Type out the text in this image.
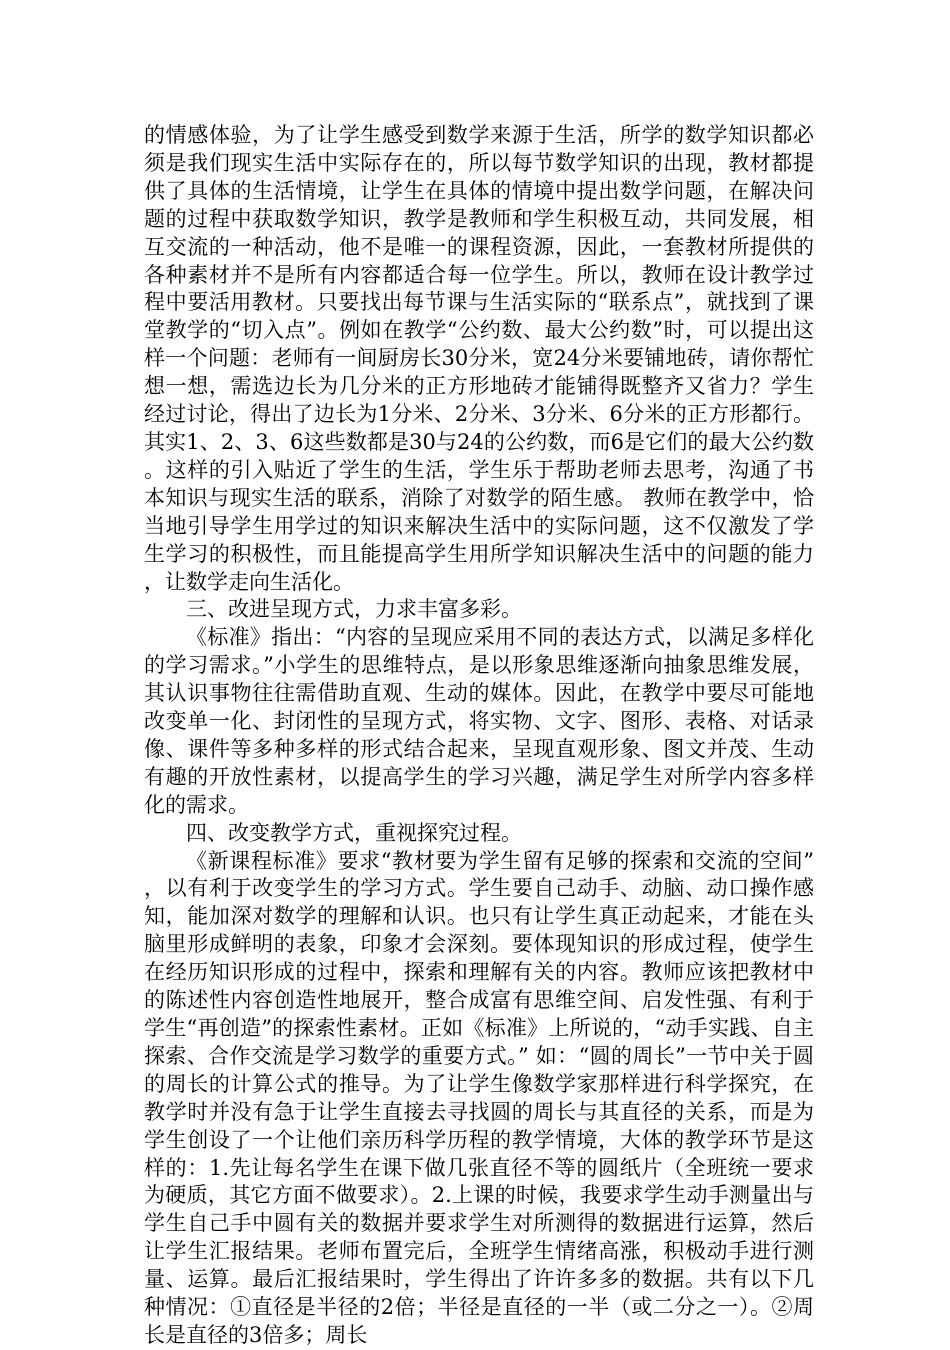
的情感体验，为了让学生感受到数学来源于生活，所学的数学知识都必须是我们现实生活中实际存在的，所以每节数学知识的出现，教材都提供了具体的生活情境，让学生在具体的情境中提出数学问题，在解决问题的过程中获取数学知识，教学是教师和学生积极互动，共同发展，相互交流的一种活动，他不是唯一的课程资源，因此，一套教材所提供的各种素材并不是所有内容都适合每一位学生。所以，教师在设计教学过程中要活用教材。只要找出每节课与生活实际的“联系点”，就找到了课堂教学的“切入点”。例如在教学“公约数、最大公约数”时，可以提出这样一个问题：老师有一间厨房长30分米，宽24分米要铺地砖，请你帮忙想一想，需选边长为几分米的正方形地砖才能铺得既整齐又省力？学生经过讨论，得出了边长为1分米、2分米、3分米、6分米的正方形都行。其实1、2、3、6这些数都是30与24的公约数，而6是它们的最大公约数。这样的引入贴近了学生的生活，学生乐于帮助老师去思考，沟通了书本知识与现实生活的联系，消除了对数学的陌生感。 教师在教学中，恰当地引导学生用学过的知识来解决生活中的实际问题，这不仅激发了学生学习的积极性，而且能提高学生用所学知识解决生活中的问题的能力，让数学走向生活化。

三、改进呈现方式，力求丰富多彩。

《标准》指出：“内容的呈现应采用不同的表达方式，以满足多样化的学习需求。”小学生的思维特点，是以形象思维逐渐向抽象思维发展，其认识事物往往需借助直观、生动的媒体。因此，在教学中要尽可能地改变单一化、封闭性的呈现方式，将实物、文字、图形、表格、对话录像、课件等多种多样的形式结合起来，呈现直观形象、图文并茂、生动有趣的开放性素材，以提高学生的学习兴趣，满足学生对所学内容多样化的需求。

四、改变教学方式，重视探究过程。

《新课程标准》要求“教材要为学生留有足够的探索和交流的空间”，以有利于改变学生的学习方式。学生要自己动手、动脑、动口操作感知，能加深对数学的理解和认识。也只有让学生真正动起来，才能在头脑里形成鲜明的表象，印象才会深刻。要体现知识的形成过程，使学生在经历知识形成的过程中，探索和理解有关的内容。教师应该把教材中的陈述性内容创造性地展开，整合成富有思维空间、启发性强、有利于学生“再创造”的探索性素材。正如《标准》上所说的，“动手实践、自主探索、合作交流是学习数学的重要方式。” 如：“圆的周长”一节中关于圆的周长的计算公式的推导。为了让学生像数学家那样进行科学探究，在教学时并没有急于让学生直接去寻找圆的周长与其直径的关系，而是为学生创设了一个让他们亲历科学历程的教学情境，大体的教学环节是这样的：1.先让每名学生在课下做几张直径不等的圆纸片（全班统一要求为硬质，其它方面不做要求）。2.上课的时候，我要求学生动手测量出与学生自己手中圆有关的数据并要求学生对所测得的数据进行运算，然后让学生汇报结果。老师布置完后，全班学生情绪高涨，积极动手进行测量、运算。最后汇报结果时，学生得出了许许多多的数据。共有以下几种情况：①直径是半径的2倍；半径是直径的一半（或二分之一）。②周长是直径的3倍多；周长
